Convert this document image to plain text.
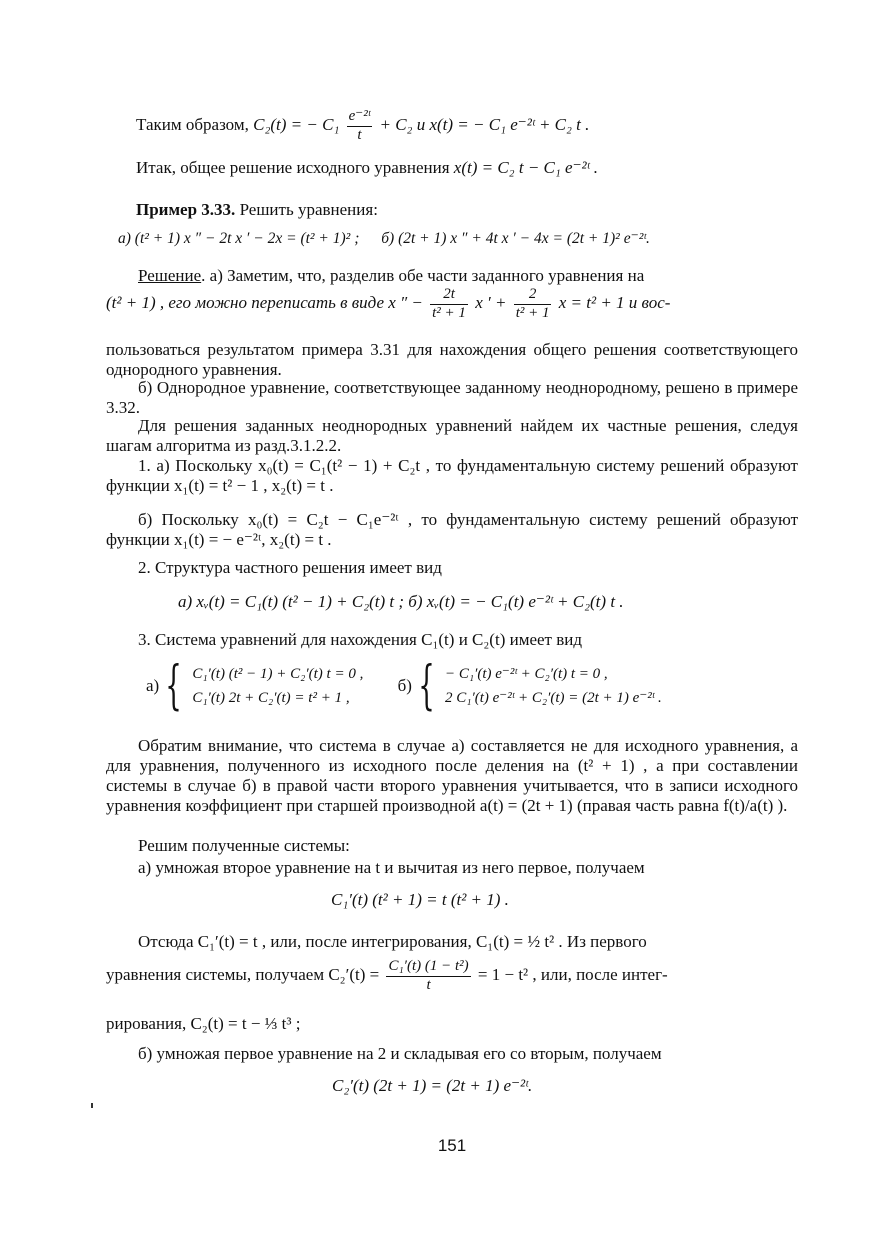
Таким образом, C₂(t) = − $C_1 \frac{\text{e⁻²ᵗ}}{t} + C_2$ и x(t) = − C₁ e⁻²ᵗ + C₂ t .
Итак, общее решение исходного уравнения x(t) = C₂ t − C₁ e⁻²ᵗ .
Пример 3.33. Решить уравнения:
а) (t² + 1) x ″ − 2t x ′ − 2x = (t² + 1)² ; б) (2t + 1) x ″ + 4t x ′ − 4x = (2t + 1)² e⁻²ᵗ.
Решение. а) Заметим, что, разделив обе части заданного уравнения на
(t² + 1) , его можно переписать в виде x ″ − $\frac{2t}{\text{t² + 1}}$ x ′ + $\frac{2}{\text{t² + 1}}$ x = t² + 1 и вос-
пользоваться результатом примера 3.31 для нахождения общего решения соответствующего однородного уравнения.
б) Однородное уравнение, соответствующее заданному неоднородному, решено в примере 3.32.
Для решения заданных неоднородных уравнений найдем их частные решения, следуя шагам алгоритма из разд.3.1.2.2.
1. а) Поскольку x₀(t) = C₁(t² − 1) + C₂t , то фундаментальную систему решений образуют функции x₁(t) = t² − 1 , x₂(t) = t .
б) Поскольку x₀(t) = C₂t − C₁e⁻²ᵗ , то фундаментальную систему решений образуют функции x₁(t) = − e⁻²ᵗ, x₂(t) = t .
2. Структура частного решения имеет вид
а) xᵥ(t) = C₁(t) (t² − 1) + C₂(t) t ; б) xᵥ(t) = − C₁(t) e⁻²ᵗ + C₂(t) t .
3. Система уравнений для нахождения C₁(t) и C₂(t) имеет вид
а) { C₁′(t) (t² − 1) + C₂′(t) t = 0 ,
C₁′(t) 2t + C₂′(t) = t² + 1 ,

б) { − C₁′(t) e⁻²ᵗ + C₂′(t) t = 0 ,
2 C₁′(t) e⁻²ᵗ + C₂′(t) = (2t + 1) e⁻²ᵗ .
Обратим внимание, что система в случае а) составляется не для исходного уравнения, а для уравнения, полученного из исходного после деления на (t² + 1) , а при составлении системы в случае б) в правой части второго уравнения учитывается, что в записи исходного уравнения коэффициент при старшей производной a(t) = (2t + 1) (правая часть равна f(t)/a(t) ).
Решим полученные системы:
а) умножая второе уравнение на t и вычитая из него первое, получаем
C₁′(t) (t² + 1) = t (t² + 1) .
Отсюда C₁′(t) = t , или, после интегрирования, C₁(t) = ½ t² . Из первого
уравнения системы, получаем $C_2'(t) = \frac{\text{C₁′(t) (1 − t²)}}{t} = 1 - t^2$ , или, после интег-
рирования, C₂(t) = t − ⅓ t³ ;
б) умножая первое уравнение на 2 и складывая его со вторым, получаем
C₂′(t) (2t + 1) = (2t + 1) e⁻²ᵗ.
151
